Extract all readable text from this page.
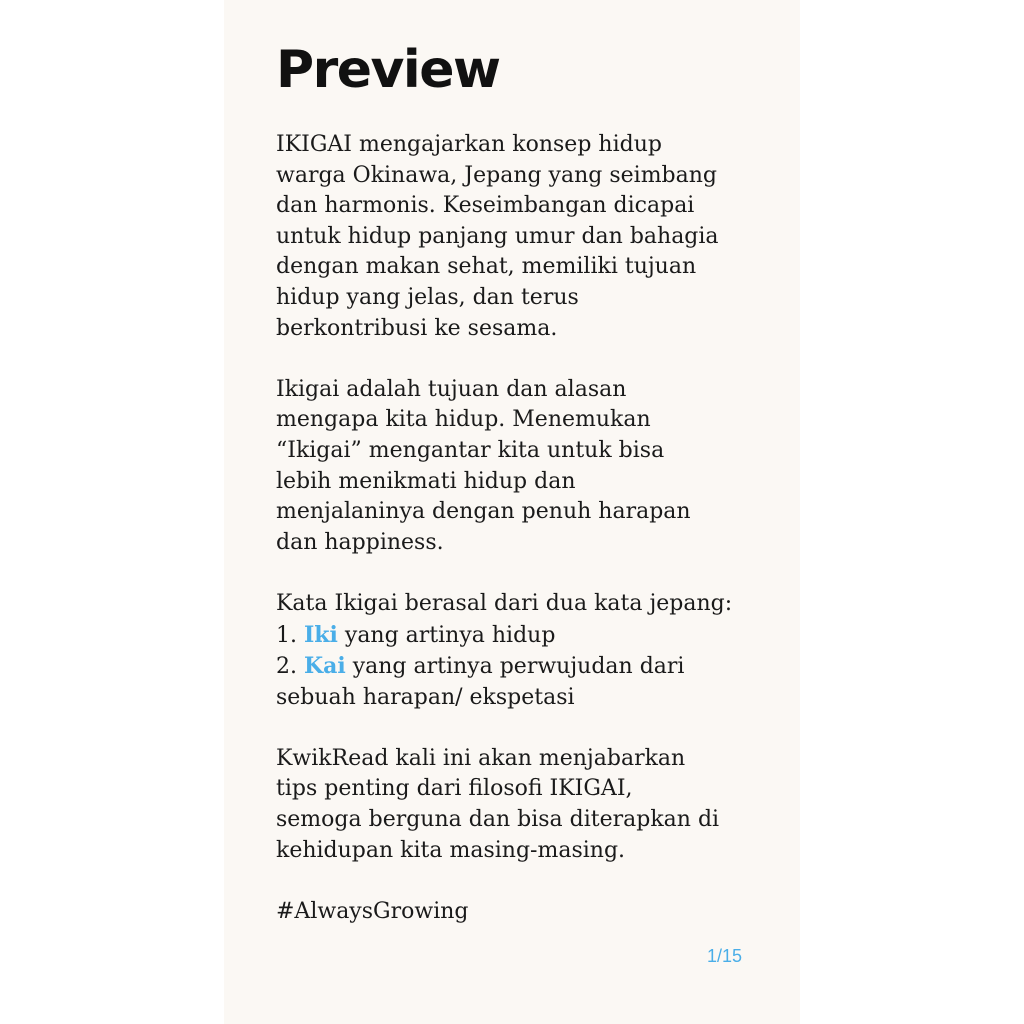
Preview

IKIGAI mengajarkan konsep hidup
warga Okinawa, Jepang yang seimbang
dan harmonis. Keseimbangan dicapai
untuk hidup panjang umur dan bahagia
dengan makan sehat, memiliki tujuan
hidup yang jelas, dan terus
berkontribusi ke sesama.

Ikigai adalah tujuan dan alasan
mengapa kita hidup. Menemukan
“Ikigai” mengantar kita untuk bisa
lebih menikmati hidup dan
menjalaninya dengan penuh harapan
dan happiness.

Kata Ikigai berasal dari dua kata jepang:
1. Iki yang artinya hidup
2. Kai yang artinya perwujudan dari
sebuah harapan/ ekspetasi

KwikRead kali ini akan menjabarkan
tips penting dari filosofi IKIGAI,
semoga berguna dan bisa diterapkan di
kehidupan kita masing-masing.

#AlwaysGrowing

1/15
